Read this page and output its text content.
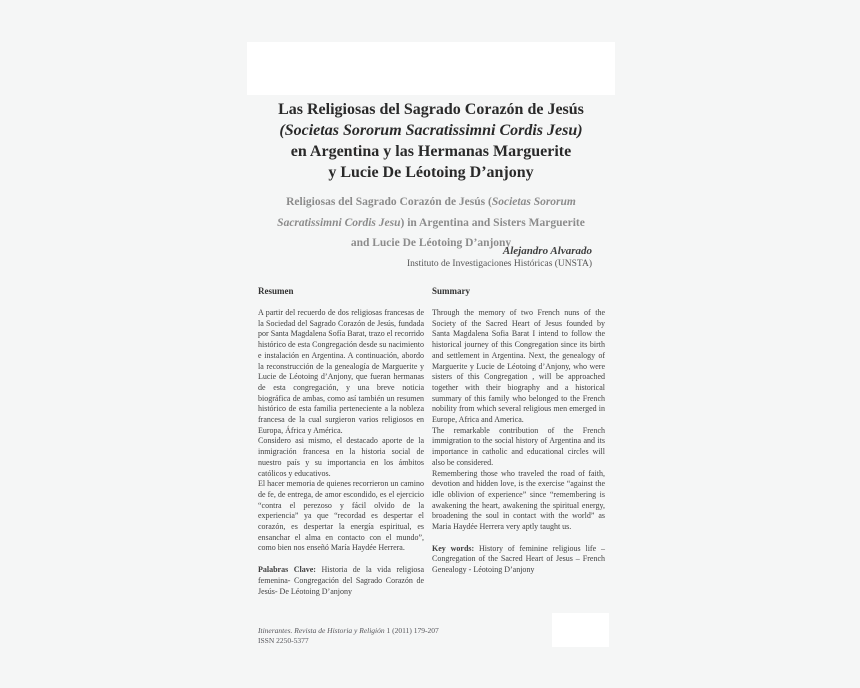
Las Religiosas del Sagrado Corazón de Jesús
(Societas Sororum Sacratissimni Cordis Jesu)
en Argentina y las Hermanas Marguerite
y Lucie De Léotoing D’anjony
Religiosas del Sagrado Corazón de Jesús (Societas Sororum
Sacratissimni Cordis Jesu) in Argentina and Sisters Marguerite
and Lucie De Léotoing D’anjony
Alejandro Alvarado
Instituto de Investigaciones Históricas (UNSTA)
Resumen

A partir del recuerdo de dos religiosas francesas de la Sociedad del Sagrado Corazón de Jesús, fundada por Santa Magdalena Sofía Barat, trazo el recorrido histórico de esta Congregación desde su nacimiento e instalación en Argentina. A continuación, abordo la reconstrucción de la genealogía de Marguerite y Lucie de Léotoing d’Anjony, que fueran hermanas de esta congregación, y una breve noticia biográfica de ambas, como así también un resumen histórico de esta familia perteneciente a la nobleza francesa de la cual surgieron varios religiosos en Europa, África y América.

Considero asi mismo, el destacado aporte de la inmigración francesa en la historia social de nuestro país y su importancia en los ámbitos católicos y educativos.

El hacer memoria de quienes recorrieron un camino de fe, de entrega, de amor escondido, es el ejercicio “contra el perezoso y fácil olvido de la experiencia” ya que “recordad es despertar el corazón, es despertar la energía espiritual, es ensanchar el alma en contacto con el mundo”, como bien nos enseñó María Haydée Herrera.

Palabras Clave: Historia de la vida religiosa femenina- Congregación del Sagrado Corazón de Jesús- De Léotoing D’anjony

Summary

Through the memory of two French nuns of the Society of the Sacred Heart of Jesus founded by Santa Magdalena Sofia Barat I intend to follow the historical journey of this Congregation since its birth and settlement in Argentina. Next, the genealogy of Marguerite y Lucie de Léotoing d’Anjony, who were sisters of this Congregation , will be approached together with their biography and a historical summary of this family who belonged to the French nobility from which several religious men emerged in Europe, Africa and America.

The remarkable contribution of the French immigration to the social history of Argentina and its importance in catholic and educational circles will also be considered.

Remembering those who traveled the road of faith, devotion and hidden love, is the exercise “against the idle oblivion of experience” since “remembering is awakening the heart, awakening the spiritual energy, broadening the soul in contact with the world” as Maria Haydée Herrera very aptly taught us.

Key words: History of feminine religious life – Congregation of the Sacred Heart of Jesus – French Genealogy - Léotoing D’anjony

Itinerantes. Revista de Historia y Religión 1 (2011) 179-207
ISSN 2250-5377
